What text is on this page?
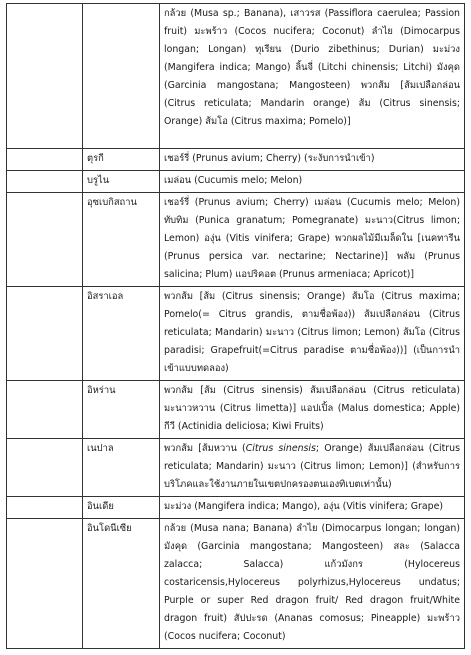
		กล้วย (Musa sp.; Banana), เสาวรส (Passiflora caerulea; Passion fruit) มะพร้าว (Cocos nucifera; Coconut) ลำไย (Dimocarpus longan; Longan) ทุเรียน (Durio zibethinus; Durian) มะม่วง (Mangifera indica; Mango) ลิ้นจี่ (Litchi chinensis; Litchi) มังคุด (Garcinia mangostana; Mangosteen) พวกส้ม [ส้มเปลือกล่อน (Citrus reticulata; Mandarin orange) ส้ม (Citrus sinensis; Orange) ส้มโอ (Citrus maxima; Pomelo)]
	ตุรกี	เชอร์รี่ (Prunus avium; Cherry) (ระงับการนำเข้า)
	บรูไน	เมล่อน (Cucumis melo; Melon)
	อุซเบกิสถาน	เชอร์รี่ (Prunus avium; Cherry) เมล่อน (Cucumis melo; Melon) ทับทิม (Punica granatum; Pomegranate) มะนาว(Citrus limon; Lemon) องุ่น (Vitis vinifera; Grape) พวกผลไม้มีเมล็ดใน [เนคทารีน (Prunus persica var. nectarine; Nectarine)] พลัม (Prunus salicina; Plum) แอปริคอต (Prunus armeniaca; Apricot)]
	อิสราเอล	พวกส้ม [ส้ม (Citrus sinensis; Orange) ส้มโอ (Citrus maxima; Pomelo(= Citrus grandis, ตามชื่อพ้อง)) ส้มเปลือกล่อน (Citrus reticulata; Mandarin) มะนาว (Citrus limon; Lemon) ส้มโอ (Citrus paradisi; Grapefruit(=Citrus paradise ตามชื่อพ้อง))] (เป็นการนำเข้าแบบทดลอง)
	อิหร่าน	พวกส้ม [ส้ม (Citrus sinensis) ส้มเปลือกล่อน (Citrus reticulata) มะนาวหวาน (Citrus limetta)] แอปเปิ้ล (Malus domestica; Apple) กีวี (Actinidia deliciosa; Kiwi Fruits)
	เนปาล	พวกส้ม [ส้มหวาน (Citrus sinensis; Orange) ส้มเปลือกล่อน (Citrus reticulata; Mandarin) มะนาว (Citrus limon; Lemon)] (สำหรับการบริโภคและใช้งานภายในเขตปกครองตนเองทิเบตเท่านั้น)
	อินเดีย	มะม่วง (Mangifera indica; Mango), องุ่น (Vitis vinifera; Grape)
	อินโดนีเซีย	กล้วย (Musa nana; Banana) ลำไย (Dimocarpus longan; longan) มังคุด (Garcinia mangostana; Mangosteen) สละ (Salacca zalacca; Salacca) แก้วมังกร (Hylocereus costaricensis,Hylocereus polyrhizus,Hylocereus undatus; Purple or super Red dragon fruit/ Red dragon fruit/White dragon fruit) สัปปะรด (Ananas comosus; Pineapple) มะพร้าว (Cocos nucifera; Coconut)
